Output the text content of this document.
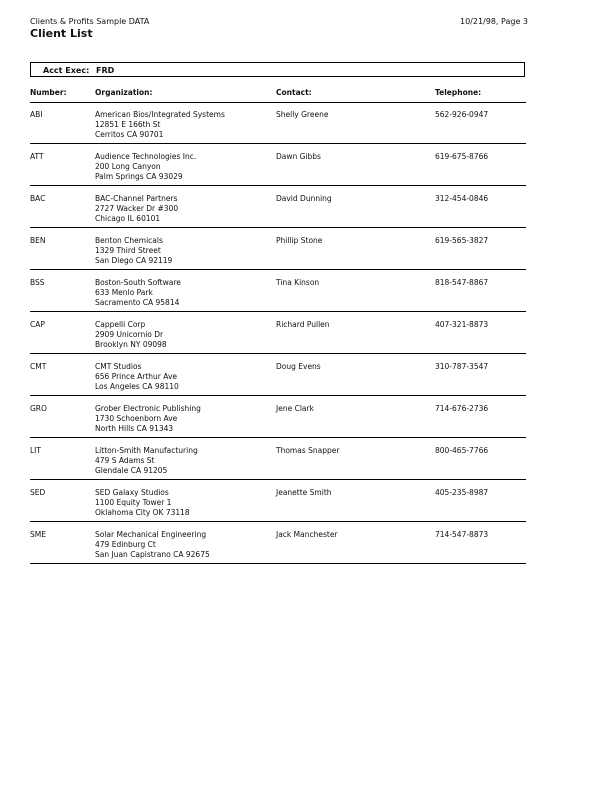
Clients & Profits Sample DATA	10/21/98, Page 3
Client List
Acct Exec: FRD
Number:	Organization:	Contact:	Telephone:
ABI	American Bios/Integrated Systems
12851 E 166th St
Cerritos CA 90701
Shelly Greene	562-926-0947
ATT	Audience Technologies Inc.
200 Long Canyon
Palm Springs CA 93029
Dawn Gibbs	619-675-8766
BAC	BAC-Channel Partners
2727 Wacker Dr #300
Chicago IL 60101
David Dunning	312-454-0846
BEN	Benton Chemicals
1329 Third Street
San Diego CA 92119
Phillip Stone	619-565-3827
BSS	Boston-South Software
633 Menlo Park
Sacramento CA 95814
Tina Kinson	818-547-8867
CAP	Cappelli Corp
2909 Unicornio Dr
Brooklyn NY 09098
Richard Pullen	407-321-8873
CMT	CMT Studios
656 Prince Arthur Ave
Los Angeles CA 98110
Doug Evens	310-787-3547
GRO	Grober Electronic Publishing
1730 Schoenborn Ave
North Hills CA 91343
Jene Clark	714-676-2736
LIT	Litton-Smith Manufacturing
479 S Adams St
Glendale CA 91205
Thomas Snapper	800-465-7766
SED	SED Galaxy Studios
1100 Equity Tower 1
Oklahoma City OK 73118
Jeanette Smith	405-235-8987
SME	Solar Mechanical Engineering
479 Edinburg Ct
San Juan Capistrano CA 92675
Jack Manchester	714-547-8873
